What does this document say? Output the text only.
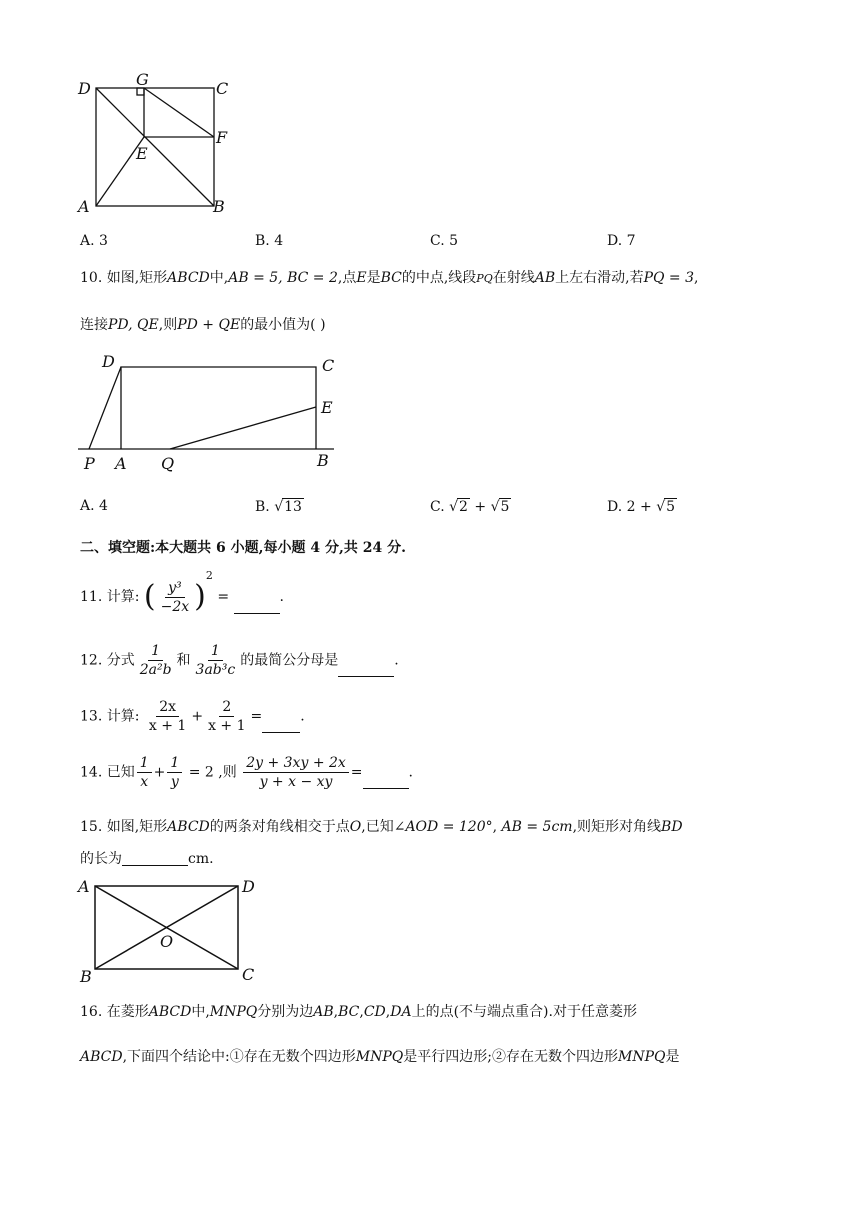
D	G	C
F
E
A	B
A. 3	B. 4	C. 5	D. 7
10. 如图,矩形ABCD中,AB = 5, BC = 2,点E是BC的中点,线段PQ在射线AB上左右滑动,若PQ = 3,
连接PD, QE,则PD + QE的最小值为( )
D	C
E
P A Q	B
A. 4	B. √13	C. √2 + √5	D. 2 + √5
二、填空题:本大题共 6 小题,每小题 4 分,共 24 分.
11. 计算: ( $\frac{\text{y³}}{-2x} )^2$ =	.
12. 分式 $\frac{1}{\text{2a²b}}$ 和 $\frac{1}{\text{3ab³c}}$ 的最简公分母是	.
13. 计算: $\frac{2x}{x + 1} + \frac{2}{x + 1}$ =	.
14. 已知 $\frac{1}{x} + \frac{1}{y} = 2$ ,则 $\frac{2y + 3xy + 2x}{y + x - xy}$ =	.
15. 如图,矩形ABCD的两条对角线相交于点O,已知∠AOD = 120°, AB = 5cm,则矩形对角线BD
的长为	cm.
A	D
O
B	C
16. 在菱形ABCD中,MNPQ分别为边AB,BC,CD,DA上的点(不与端点重合).对于任意菱形
ABCD,下面四个结论中:①存在无数个四边形MNPQ是平行四边形;②存在无数个四边形MNPQ是
